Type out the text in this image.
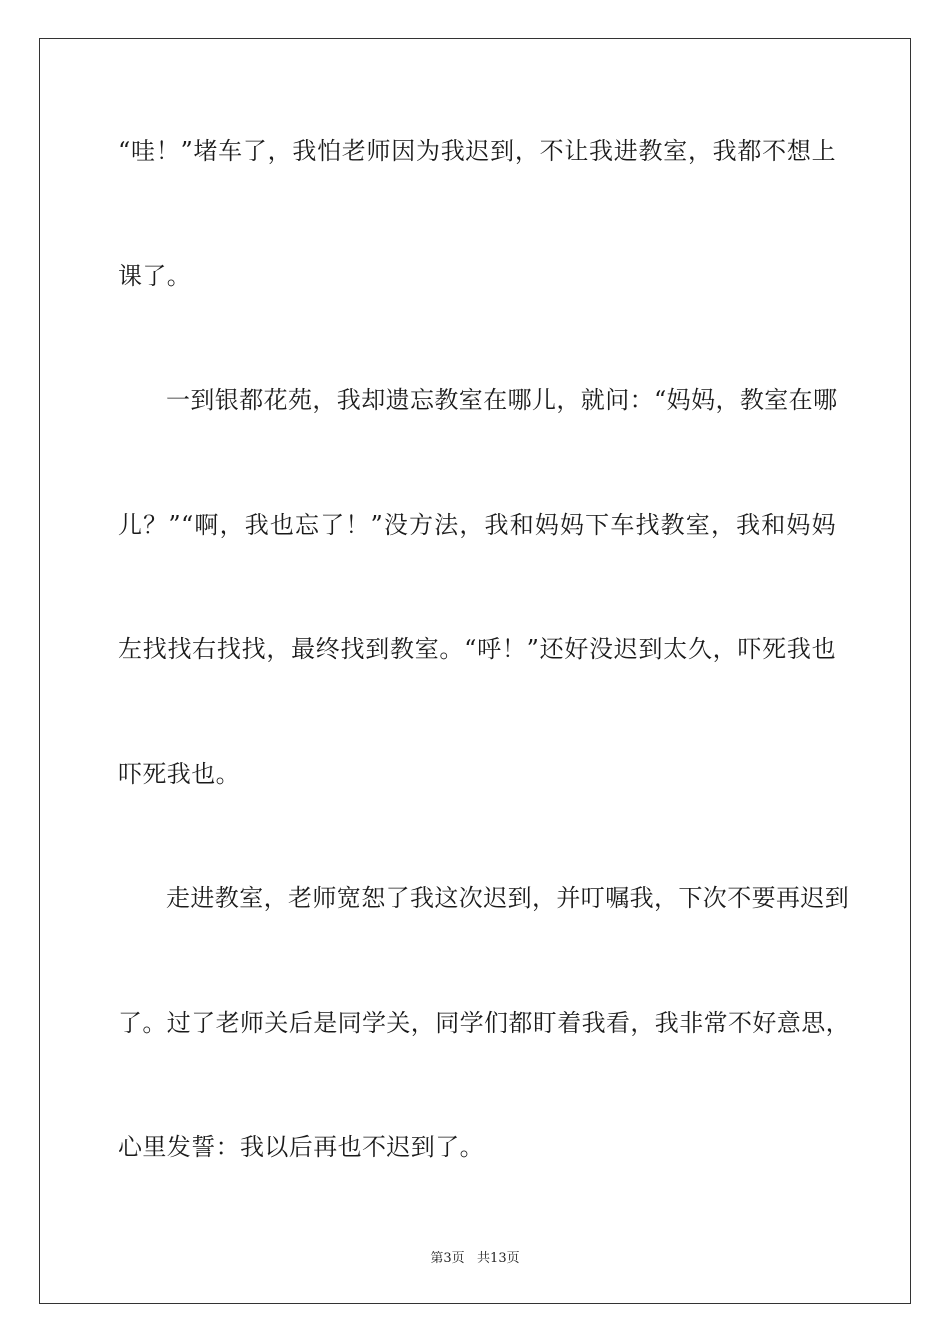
“哇！”堵车了，我怕老师因为我迟到，不让我进教室，我都不想上
课了。
一到银都花苑，我却遗忘教室在哪儿，就问：“妈妈，教室在哪
儿？”“啊，我也忘了！”没方法，我和妈妈下车找教室，我和妈妈
左找找右找找，最终找到教室。“呼！”还好没迟到太久，吓死我也
吓死我也。
走进教室，老师宽恕了我这次迟到，并叮嘱我，下次不要再迟到
了。过了老师关后是同学关，同学们都盯着我看，我非常不好意思，
心里发誓：我以后再也不迟到了。
第3页   共13页
